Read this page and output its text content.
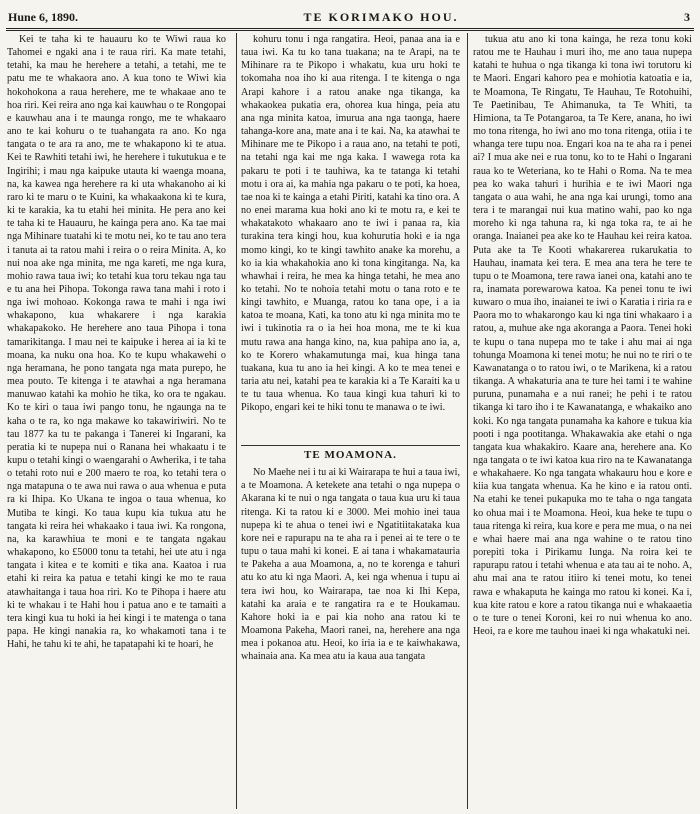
Hune 6, 1890.	TE KORIMAKO HOU.	3

Kei te taha ki te hauauru ko te Wiwi raua ko Tahomei e ngaki ana i te raua riri. Ka mate tetahi, tetahi, ka mau he herehere a tetahi, a tetahi, me te patu me te whakaora ano. A kua tono te Wiwi kia hokohokona a raua herehere, me te whakaae ano te hoa riri. Kei reira ano nga kai kauwhau o te Rongopai e kauwhau ana i te maunga rongo, me te whakaaro ano te kai kohuru o te tuahangata ra ano. Ko nga tangata o te ara ra ano, me te whakapono ki te atua. Kei te Rawhiti tetahi iwi, he herehere i tukutukua e te Ingirihi; i mau nga kaipuke utauta ki waenga moana, na, ka kawea nga herehere ra ki uta whakanoho ai ki raro ki te maru o te Kuini, ka whakaakona ki te kura, ki te karakia, ka tu etahi hei minita. He pera ano kei te taha ki te Hauauru, he kainga pera ano. Ka tae mai nga Mihinare tuatahi ki te motu nei, ko te tau ano tera i tanuta ai ta ratou mahi i reira o o reira Minita. A, ko nui noa ake nga minita, me nga kareti, me nga kura, mohio rawa taua iwi; ko tetahi kua toru tekau nga tau e tu ana hei Pihopa. Tokonga rawa tana mahi i roto i nga iwi mohoao. Kokonga rawa te mahi i nga iwi whakapono, kua whakarere i nga karakia whakapakoko. He herehere ano taua Pihopa i tona tamarikitanga. I mau nei te kaipuke i herea ai ia ki te moana, ka nuku ona hoa. Ko te kupu whakawehi o nga heramana, he pono tangata nga mata purepo, he mea pouto. Te kitenga i te atawhai a nga heramana manuwao katahi ka mohio he tika, ko ora te ngakau. Ko te kiri o taua iwi pango tonu, he ngaunga na te kaha o te ra, ko nga makawe ko takawiriwiri. No te tau 1877 ka tu te pakanga i Tanerei ki Ingarani, ka peratia ki te nupepa nui o Ranana hei whakaatu i te kupu o tetahi kingi o waengarahi o Awherika, i te taha o tetahi roto nui e 200 maero te roa, ko tetahi tera o nga matapuna o te awa nui rawa o aua whenua e puta ra ki Ihipa. Ko Ukana te ingoa o taua whenua, ko Mutiba te kingi. Ko taua kupu kia tukua atu he tangata ki reira hei whakaako i taua iwi. Ka rongona, na, ka karawhiua te moni e te tangata ngakau whakapono, ko £5000 tonu ta tetahi, hei ute atu i nga tangata i kitea e te komiti e tika ana. Kaatoa i rua etahi ki reira ka patua e tetahi kingi ke mo te raua atawhaitanga i taua hoa riri. Ko te Pihopa i haere atu ki te whakau i te Hahi hou i patua ano e te tamaiti a tera kingi kua tu hoki ia hei kingi i te matenga o tana papa. He kingi nanakia ra, ko whakamoti tana i te Hahi, he tahu ki te ahi, he tapatapahi ki te hoari, he

kohuru tonu i nga rangatira. Heoi, panaa ana ia e taua iwi. Ka tu ko tana tuakana; na te Arapi, na te Mihinare ra te Pikopo i whakatu, kua uru hoki te tokomaha noa iho ki aua ritenga. I te kitenga o nga Arapi kahore i a ratou anake nga tikanga, ka whakaokea pukatia era, ohorea kua hinga, peia atu ana nga minita katoa, imurua ana nga taonga, haere tahanga-kore ana, mate ana i te kai. Na, ka atawhai te Mihinare me te Pikopo i a raua ano, na tetahi te poti, na tetahi nga kai me nga kaka. I wawega rota ka pakaru te poti i te tauhiwa, ka te tatanga ki tetahi motu i ora ai, ka mahia nga pakaru o te poti, ka hoea, tae noa ki te kainga a etahi Piriti, katahi ka tino ora. A no enei marama kua hoki ano ki te motu ra, e kei te whakatakoto whakaaro ano te iwi i panaa ra, kia turakina tera kingi hou, kua kohurutia hoki e ia nga momo kingi, ko te kingi tawhito anake ka morehu, a ko ia kia whakahokia ano ki tona kingitanga. Na, ka whawhai i reira, he mea ka hinga tetahi, he mea ano ko tetahi. No te nohoia tetahi motu o tana roto e te kingi tawhito, e Muanga, ratou ko tana ope, i a ia katoa te moana, Kati, ka tono atu ki nga minita mo te iwi i tukinotia ra o ia hei hoa mona, me te ki kua mutu rawa ana hanga kino, na, kua pahipa ano ia, a, ko te Korero whakamutunga mai, kua hinga tana tuakana, kua tu ano ia hei kingi. A ko te mea tenei e taria atu nei, katahi pea te karakia ki a Te Karaiti ka u te tu taua whenua. Ko taua kingi kua tahuri ki to Pikopo, engari kei te hiki tonu te manawa o te iwi.

TE MOAMONA.

No Maehe nei i tu ai ki Wairarapa te hui a taua iwi, a te Moamona. A ketekete ana tetahi o nga nupepa o Akarana ki te nui o nga tangata o taua kua uru ki taua ritenga. Ki ta ratou ki e 3000. Mei mohio inei taua nupepa ki te ahua o tenei iwi e Ngatitiitakataka kua kore nei e rapurapu na te aha ra i penei ai te tere o te tupu o taua mahi ki konei. E ai tana i whakamatauria te Pakeha a aua Moamona, a, no te korenga e tahuri atu ko atu ki nga Maori. A, kei nga whenua i tupu ai tera iwi hou, ko Wairarapa, tae noa ki Ihi Kepa, katahi ka araia e te rangatira ra e te Houkamau. Kahore hoki ia e pai kia noho ana ratou ki te Moamona Pakeha, Maori ranei, na, herehere ana nga mea i pokanoa atu. Heoi, ko iria ia e te kaiwhakawa, whainaia ana. Ka mea atu ia kaua aua tangata

tukua atu ano ki tona kainga, he reza tonu koki ratou me te Hauhau i muri iho, me ano taua nupepa katahi te huhua o nga tikanga ki tona iwi torutoru ki te Maori. Engari kahoro pea e mohiotia katoatia e ia, te Moamona, Te Ringatu, Te Hauhau, Te Rotohuihi, Te Paetinibau, Te Ahimanuka, ta Te Whiti, ta Himiona, ta Te Potangaroa, ta Te Kere, anana, ho iwi mo tona ritenga, ho iwi ano mo tona ritenga, otiia i te whanga tere tupu noa. Engari koa na te aha ra i penei ai? I mua ake nei e rua tonu, ko to te Hahi o Ingarani raua ko te Weteriana, ko te Hahi o Roma. Na te mea pea ko waka tahuri i hurihia e te iwi Maori nga tangata o aua wahi, he ana nga kai urungi, tomo ana tera i te marangai nui kua matino wahi, pao ko nga moreho ki nga tahuna ra, ki nga toka ra, te ai he oranga. Inaianei pea ake ko te Hauhau kei reira katoa. Puta ake ta Te Kooti whakarerea rukarukatia to Hauhau, inamata kei tera. E mea ana tera he tere te tupu o te Moamona, tere rawa ianei ona, katahi ano te ra, inamata porewarowa katoa. Ka penei tonu te iwi kuwaro o mua iho, inaianei te iwi o Karatia i riria ra e Paora mo to whakarongo kau ki nga tini whakaaro i a ratou, a, muhue ake nga akoranga a Paora. Tenei hoki te kupu o tana nupepa mo te take i ahu mai ai nga tohunga Moamona ki tenei motu; he nui no te riri o te Kawanatanga o to ratou iwi, o te Marikena, ki a ratou tikanga. A whakaturia ana te ture hei tami i te wahine puruna, punamaha e a nui ranei; he pehi i te ratou tikanga ki taro iho i te Kawanatanga, e whakaiko ano koki. Ko nga tangata punamaha ka kahore e tukua kia pooti i nga pootitanga. Whakawakia ake etahi o nga tangata kua whakakiro. Kaare ana, herehere ana. Ko nga tangata o te iwi katoa kua riro na te Kawanatanga e whakahaere. Ko nga tangata whakauru hou e kore e kiia kua tangata whenua. Ka he kino e ia ratou onti. Na etahi ke tenei pukapuka mo te taha o nga tangata ko ohua mai i te Moamona. Heoi, kua heke te tupu o taua ritenga ki reira, kua kore e pera me mua, o na nei e whai haere mai ana nga wahine o te ratou tino porepiti toka i Pirikamu Iunga. Na roira kei te rapurapu ratou i tetahi whenua e ata tau ai te noho. A, ahu mai ana te ratou itiiro ki tenei motu, ko tenei rawa e whakaputa he kainga mo ratou ki konei. Ka i, kua kite ratou e kore a ratou tikanga nui e whakaaetia o te ture o tenei Koroni, kei ro nui whenua ko ano. Heoi, ra e kore me tauhou inaei ki nga whakatuki nei.
